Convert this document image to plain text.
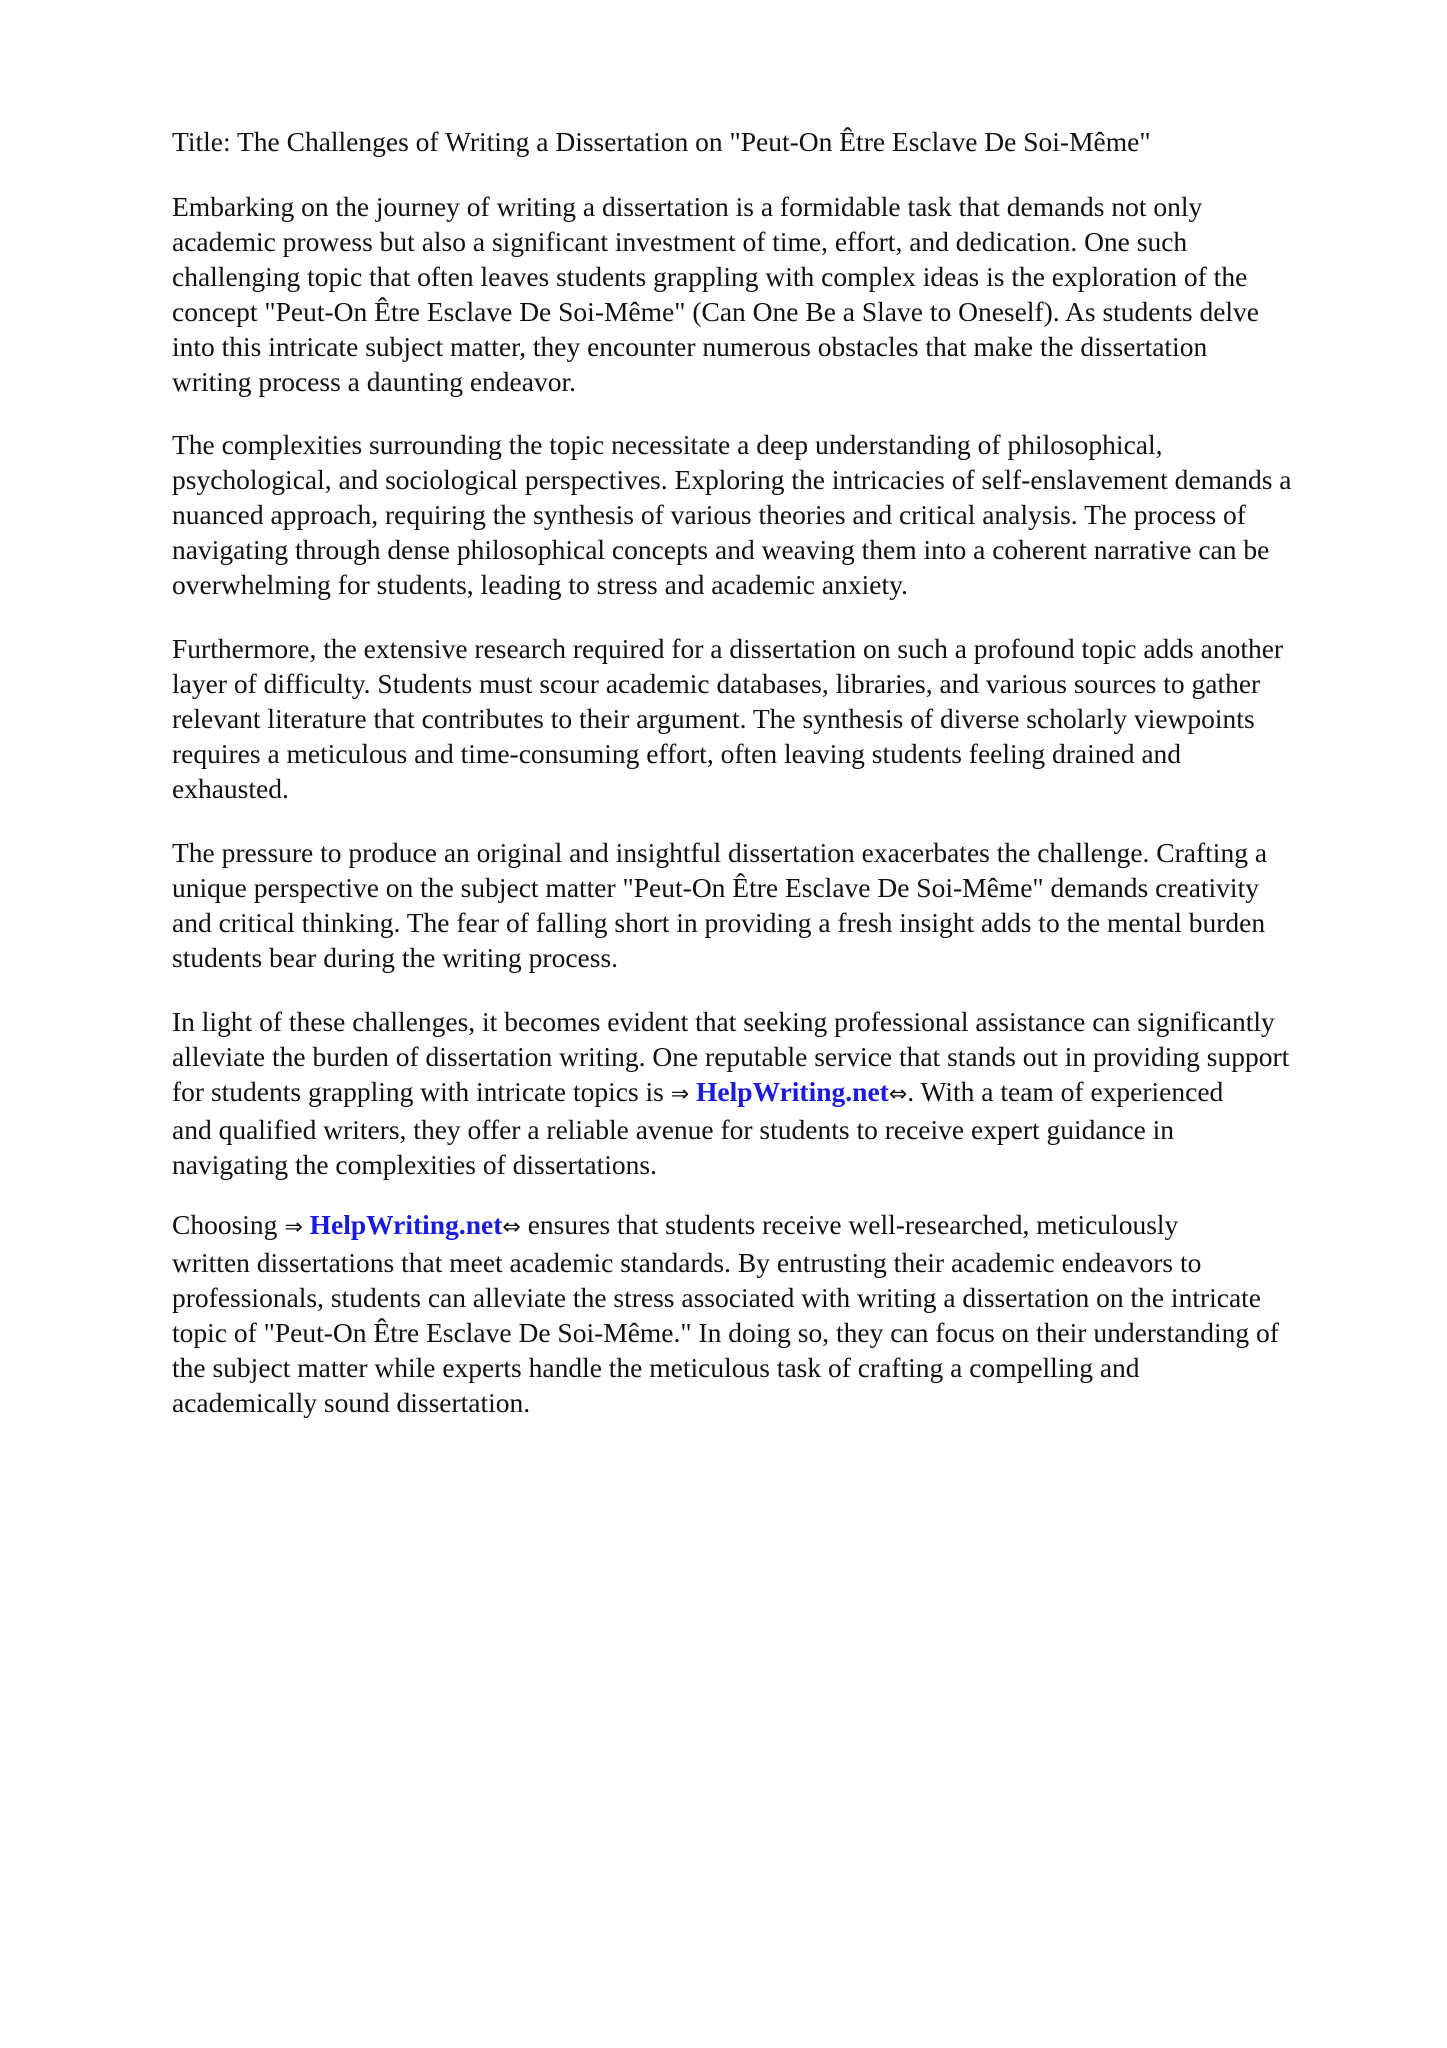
Title: The Challenges of Writing a Dissertation on "Peut-On Être Esclave De Soi-Même"
Embarking on the journey of writing a dissertation is a formidable task that demands not only
academic prowess but also a significant investment of time, effort, and dedication. One such
challenging topic that often leaves students grappling with complex ideas is the exploration of the
concept "Peut-On Être Esclave De Soi-Même" (Can One Be a Slave to Oneself). As students delve
into this intricate subject matter, they encounter numerous obstacles that make the dissertation
writing process a daunting endeavor.
The complexities surrounding the topic necessitate a deep understanding of philosophical,
psychological, and sociological perspectives. Exploring the intricacies of self-enslavement demands a
nuanced approach, requiring the synthesis of various theories and critical analysis. The process of
navigating through dense philosophical concepts and weaving them into a coherent narrative can be
overwhelming for students, leading to stress and academic anxiety.
Furthermore, the extensive research required for a dissertation on such a profound topic adds another
layer of difficulty. Students must scour academic databases, libraries, and various sources to gather
relevant literature that contributes to their argument. The synthesis of diverse scholarly viewpoints
requires a meticulous and time-consuming effort, often leaving students feeling drained and
exhausted.
The pressure to produce an original and insightful dissertation exacerbates the challenge. Crafting a
unique perspective on the subject matter "Peut-On Être Esclave De Soi-Même" demands creativity
and critical thinking. The fear of falling short in providing a fresh insight adds to the mental burden
students bear during the writing process.
In light of these challenges, it becomes evident that seeking professional assistance can significantly
alleviate the burden of dissertation writing. One reputable service that stands out in providing support
for students grappling with intricate topics is ⇒ HelpWriting.net⇔. With a team of experienced
and qualified writers, they offer a reliable avenue for students to receive expert guidance in
navigating the complexities of dissertations.
Choosing ⇒ HelpWriting.net⇔ ensures that students receive well-researched, meticulously
written dissertations that meet academic standards. By entrusting their academic endeavors to
professionals, students can alleviate the stress associated with writing a dissertation on the intricate
topic of "Peut-On Être Esclave De Soi-Même." In doing so, they can focus on their understanding of
the subject matter while experts handle the meticulous task of crafting a compelling and
academically sound dissertation.
